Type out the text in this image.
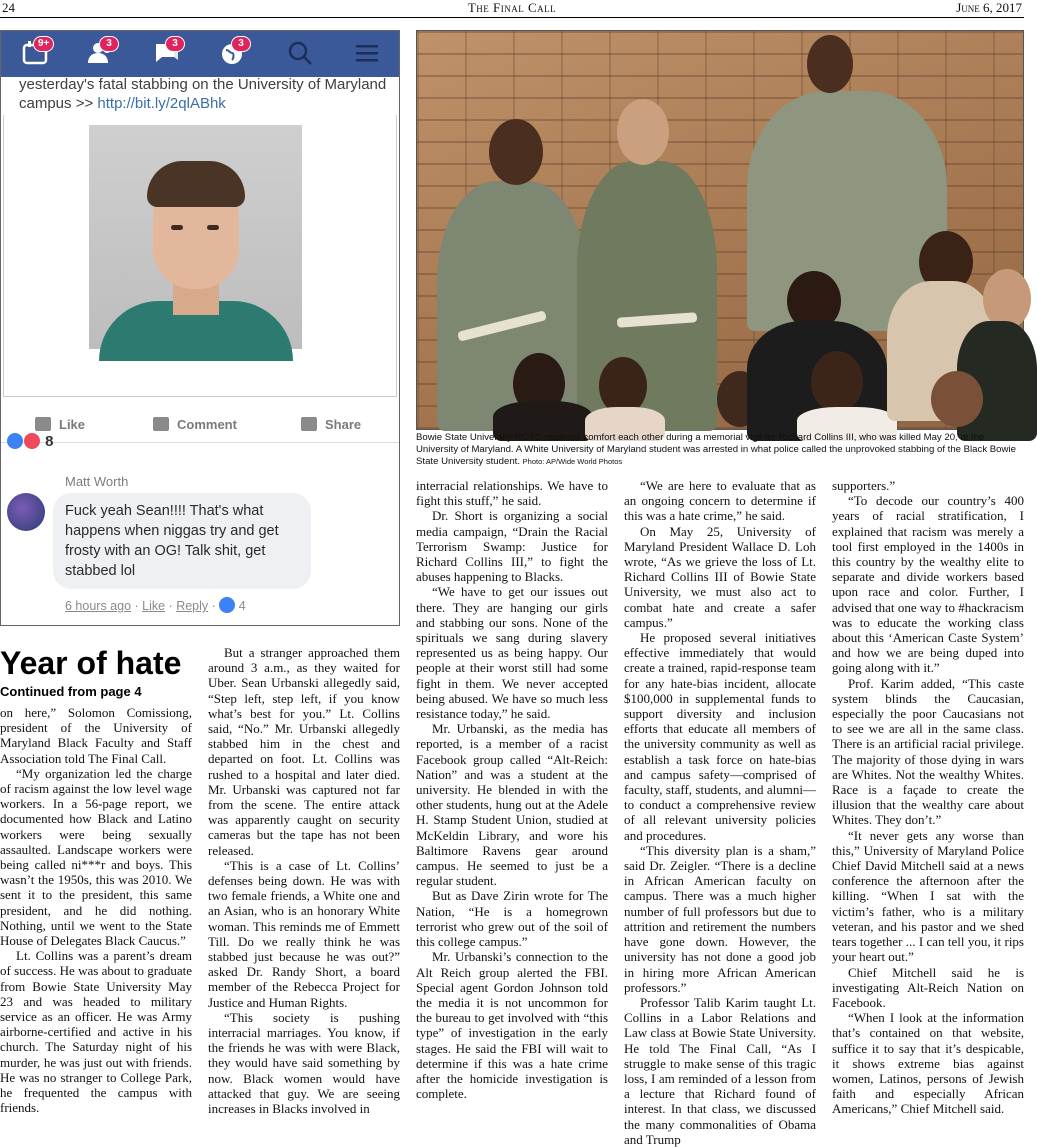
24	The Final Call	June 6, 2017
9+	3	3	3
yesterday's fatal stabbing on the University of Maryland campus >> http://bit.ly/2qlABhk
Like	Comment	Share
8
Matt Worth
Fuck yeah Sean!!!! That's what happens when niggas try and get frosty with an OG! Talk shit, get stabbed lol
6 hours ago · Like · Reply ·  4
Bowie State University ROTC students comfort each other during a memorial vigil for Richard Collins III, who was killed May 20, at the University of Maryland. A White University of Maryland student was arrested in what police called the unprovoked stabbing of the Black Bowie State University student. Photo: AP/Wide World Photos
Year of hate
Continued from page 4

on here,” Solomon Comissiong, president of the University of Maryland Black Faculty and Staff Association told The Final Call.

“My organization led the charge of racism against the low level wage workers. In a 56-page report, we documented how Black and Latino workers were being sexually assaulted. Landscape workers were being called ni***r and boys. This wasn’t the 1950s, this was 2010. We sent it to the president, this same president, and he did nothing. Nothing, until we went to the State House of Delegates Black Caucus.”

Lt. Collins was a parent’s dream of success. He was about to graduate from Bowie State University May 23 and was headed to military service as an officer. He was Army airborne-certified and active in his church. The Saturday night of his murder, he was just out with friends. He was no stranger to College Park, he frequented the campus with friends.

But a stranger approached them around 3 a.m., as they waited for Uber. Sean Urbanski allegedly said, “Step left, step left, if you know what’s best for you.” Lt. Collins said, “No.” Mr. Urbanski allegedly stabbed him in the chest and departed on foot. Lt. Collins was rushed to a hospital and later died. Mr. Urbanski was captured not far from the scene. The entire attack was apparently caught on security cameras but the tape has not been released.

“This is a case of Lt. Collins’ defenses being down. He was with two female friends, a White one and an Asian, who is an honorary White woman. This reminds me of Emmett Till. Do we really think he was stabbed just because he was out?” asked Dr. Randy Short, a board member of the Rebecca Project for Justice and Human Rights.

“This society is pushing interracial marriages. You know, if the friends he was with were Black, they would have said something by now. Black women would have attacked that guy. We are seeing increases in Blacks involved in

interracial relationships. We have to fight this stuff,” he said.

Dr. Short is organizing a social media campaign, “Drain the Racial Terrorism Swamp: Justice for Richard Collins III,” to fight the abuses happening to Blacks.

“We have to get our issues out there. They are hanging our girls and stabbing our sons. None of the spirituals we sang during slavery represented us as being happy. Our people at their worst still had some fight in them. We never accepted being abused. We have so much less resistance today,” he said.

Mr. Urbanski, as the media has reported, is a member of a racist Facebook group called “Alt-Reich: Nation” and was a student at the university. He blended in with the other students, hung out at the Adele H. Stamp Student Union, studied at McKeldin Library, and wore his Baltimore Ravens gear around campus. He seemed to just be a regular student.

But as Dave Zirin wrote for The Nation, “He is a homegrown terrorist who grew out of the soil of this college campus.”

Mr. Urbanski’s connection to the Alt Reich group alerted the FBI. Special agent Gordon Johnson told the media it is not uncommon for the bureau to get involved with “this type” of investigation in the early stages. He said the FBI will wait to determine if this was a hate crime after the homicide investigation is complete.

“We are here to evaluate that as an ongoing concern to determine if this was a hate crime,” he said.

On May 25, University of Maryland President Wallace D. Loh wrote, “As we grieve the loss of Lt. Richard Collins III of Bowie State University, we must also act to combat hate and create a safer campus.”

He proposed several initiatives effective immediately that would create a trained, rapid-response team for any hate-bias incident, allocate $100,000 in supplemental funds to support diversity and inclusion efforts that educate all members of the university community as well as establish a task force on hate-bias and campus safety—comprised of faculty, staff, students, and alumni—to conduct a comprehensive review of all relevant university policies and procedures.

“This diversity plan is a sham,” said Dr. Zeigler. “There is a decline in African American faculty on campus. There was a much higher number of full professors but due to attrition and retirement the numbers have gone down. However, the university has not done a good job in hiring more African American professors.”

Professor Talib Karim taught Lt. Collins in a Labor Relations and Law class at Bowie State University. He told The Final Call, “As I struggle to make sense of this tragic loss, I am reminded of a lesson from a lecture that Richard found of interest. In that class, we discussed the many commonalities of Obama and Trump

supporters.”

“To decode our country’s 400 years of racial stratification, I explained that racism was merely a tool first employed in the 1400s in this country by the wealthy elite to separate and divide workers based upon race and color. Further, I advised that one way to #hackracism was to educate the working class about this ‘American Caste System’ and how we are being duped into going along with it.”

Prof. Karim added, “This caste system blinds the Caucasian, especially the poor Caucasians not to see we are all in the same class. There is an artificial racial privilege. The majority of those dying in wars are Whites. Not the wealthy Whites. Race is a façade to create the illusion that the wealthy care about Whites. They don’t.”

“It never gets any worse than this,” University of Maryland Police Chief David Mitchell said at a news conference the afternoon after the killing. “When I sat with the victim’s father, who is a military veteran, and his pastor and we shed tears together ... I can tell you, it rips your heart out.”

Chief Mitchell said he is investigating Alt-Reich Nation on Facebook.

“When I look at the information that’s contained on that website, suffice it to say that it’s despicable, it shows extreme bias against women, Latinos, persons of Jewish faith and especially African Americans,” Chief Mitchell said.
